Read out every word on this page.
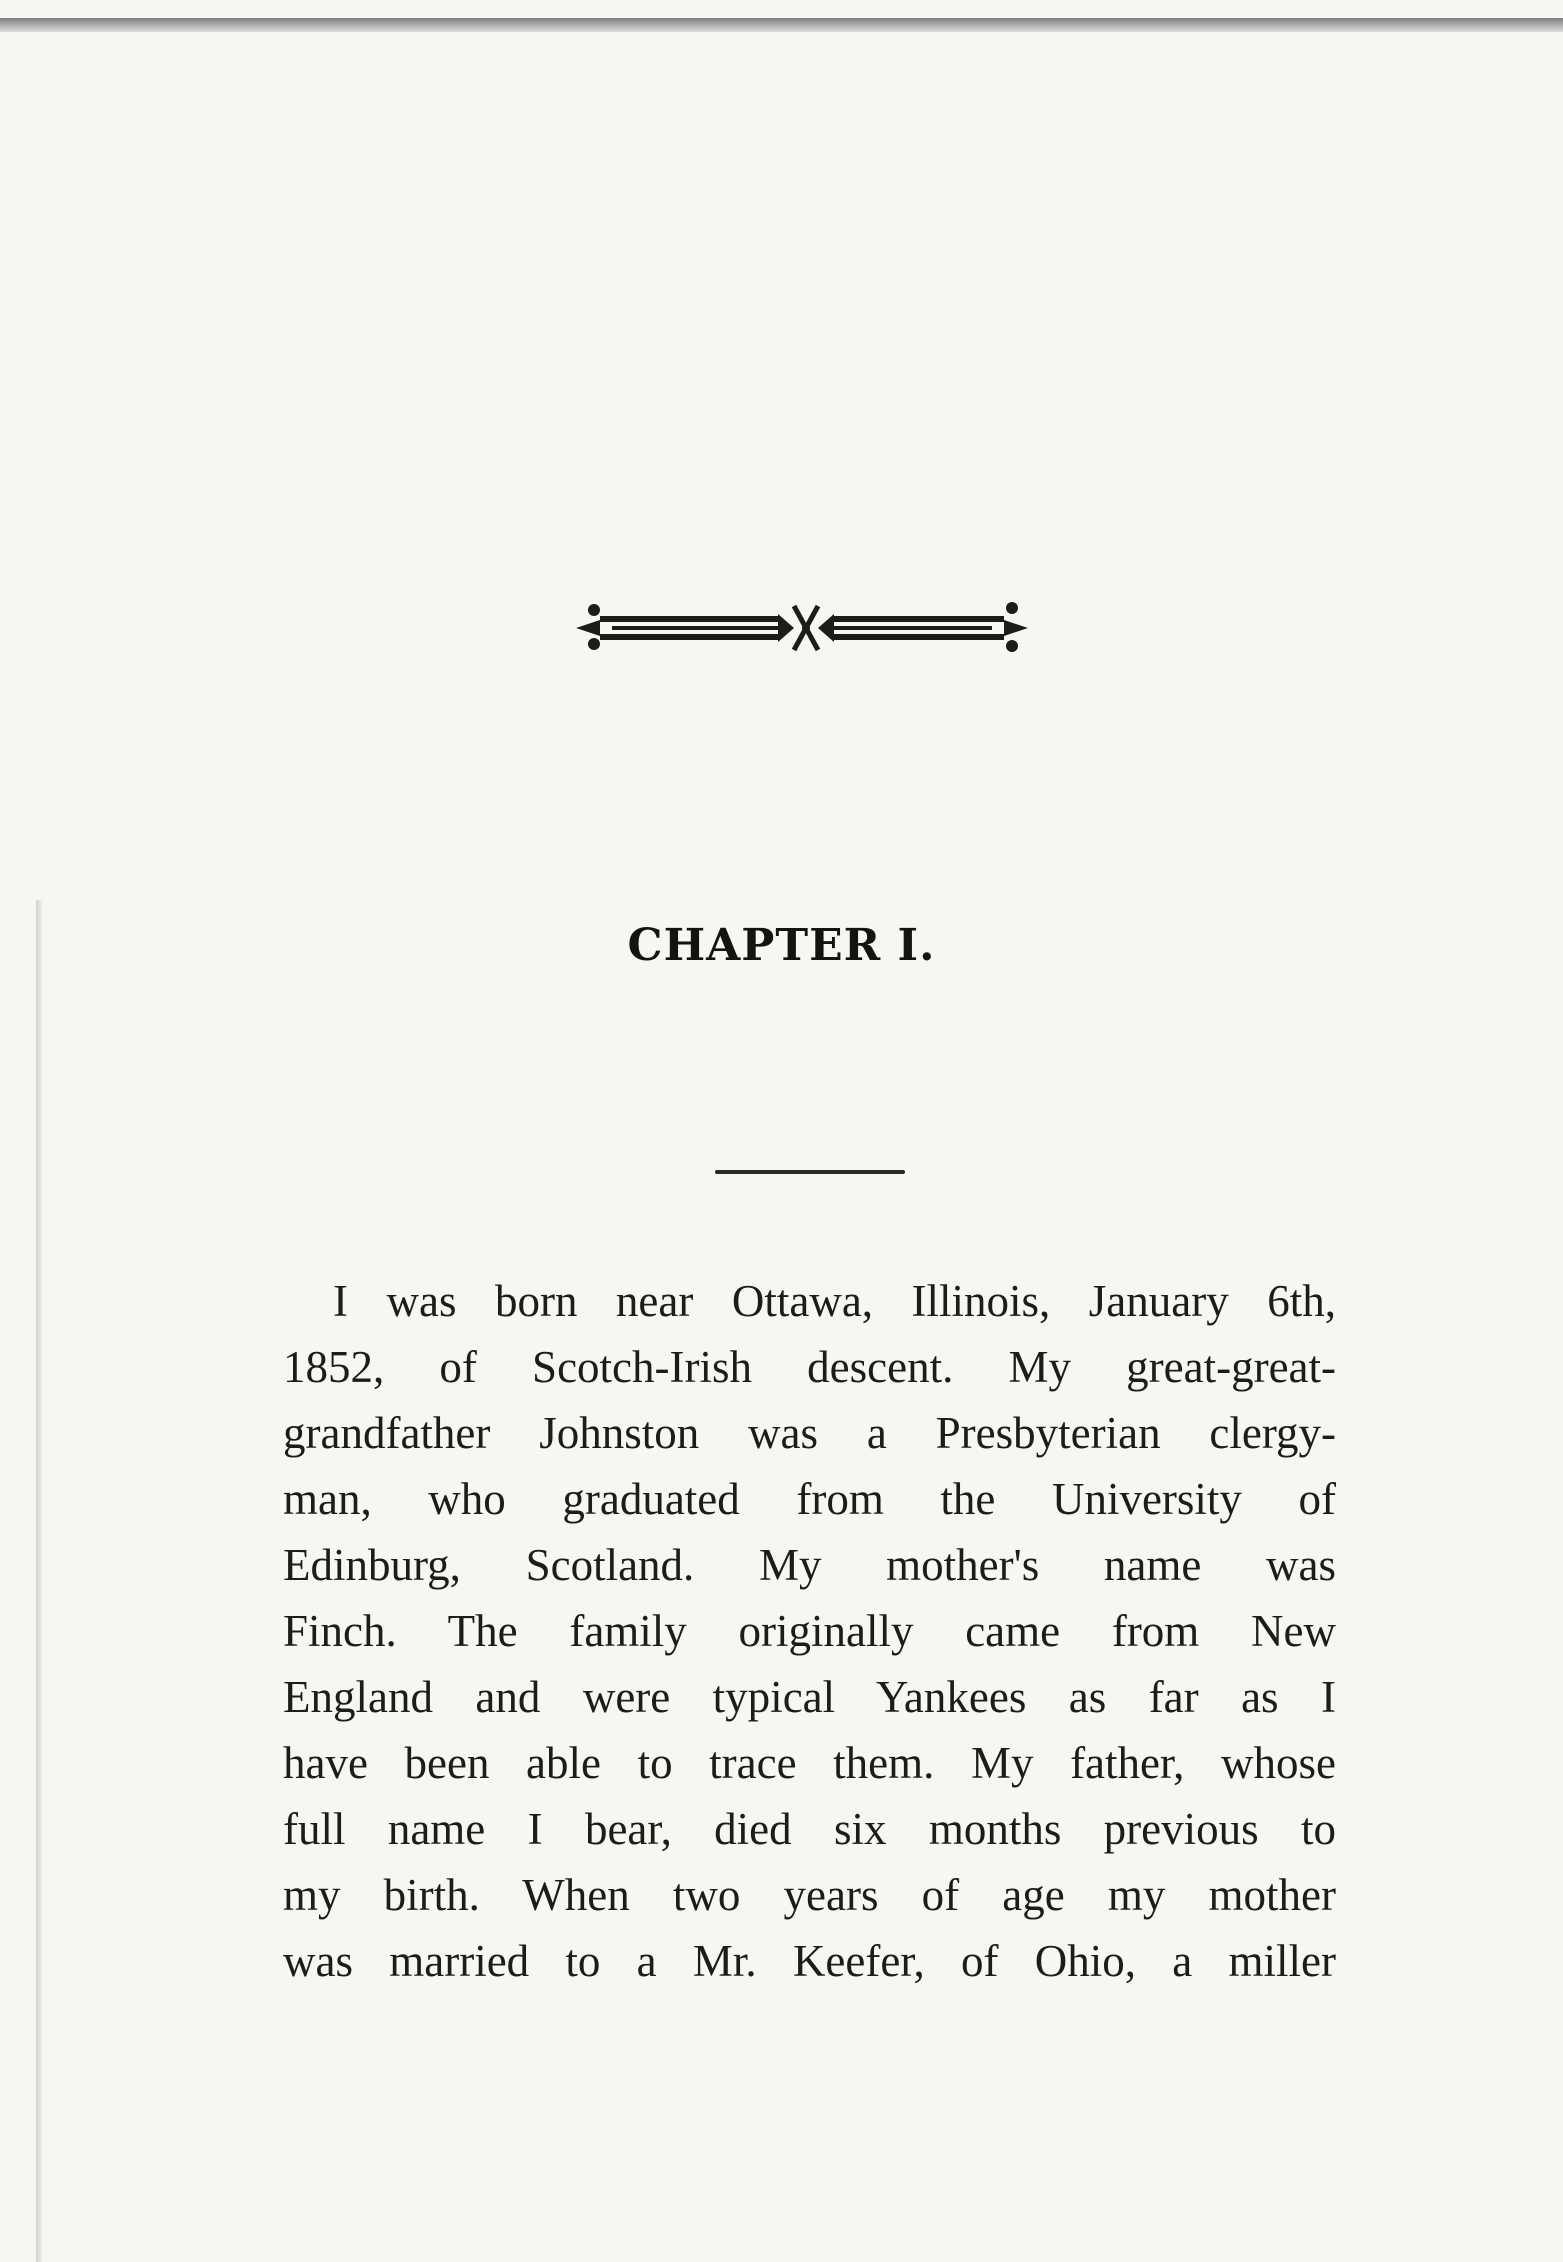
CHAPTER I.
I was born near Ottawa, Illinois, January 6th,
1852, of Scotch-Irish descent. My great-great-
grandfather Johnston was a Presbyterian clergy-
man, who graduated from the University of
Edinburg, Scotland. My mother's name was
Finch. The family originally came from New
England and were typical Yankees as far as I
have been able to trace them. My father, whose
full name I bear, died six months previous to
my birth. When two years of age my mother
was married to a Mr. Keefer, of Ohio, a miller
